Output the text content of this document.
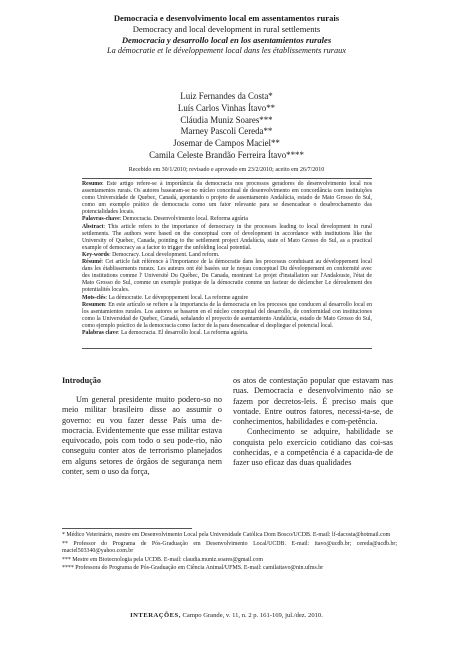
Democracia e desenvolvimento local em assentamentos rurais
Democracy and local development in rural settlements
Democracia y desarrollo local en los asentamientos rurales
La démocratie et le développement local dans les établissements ruraux
Luiz Fernandes da Costa*
Luís Carlos Vinhas Ítavo**
Cláudia Muniz Soares***
Marney Pascoli Cereda**
Josemar de Campos Maciel**
Camila Celeste Brandão Ferreira Ítavo****
Recebido em 30/1/2010; revisado e aprovado em 23/2/2010; aceito em 26/7/2010

Resumo: Este artigo refere-se à importância da democracia nos processos geradores do desenvolvimento local nos assentamentos rurais. Os autores basearam-se no núcleo conceitual de desenvolvimento em concordância com instituições como Universidade de Quebec, Canadá, apontando o projeto de assentamento Andalúcia, estado de Mato Grosso do Sul, como um exemplo prático de democracia como um fator relevante para se desencadear o desabrochamento das potencialidades locais.

Palavras-chave: Democracia. Desenvolvimento local. Reforma agrária

Abstract: This article refers to the importance of democracy in the processes leading to local development in rural settlements. The authors were based on the conceptual core of development in accordance with institutions like the University of Quebec, Canada, pointing to the settlement project Andalúcia, state of Mato Grosso do Sul, as a practical example of democracy as a factor to trigger the unfolding local potential.

Key-words: Democracy. Local development. Land reform.

Résumé: Cet article fait référence à l'importance de la démocratie dans les processus conduisant au développement local dans les établissements ruraux. Les auteurs ont été basées sur le noyau conceptuel Du développement en conformité avec des institutions comme l' Université Du Québec, Du Canada, montrant Le projet d'installation sur l'Andalousie, l'état de Mato Grosso do Sul, comme un exemple pratique de la démocratie comme un facteur de déclencher Le déroulement des potentialités locales.

Mots-clés: La démocratie. Le dévepoppement local. La reforme agraire

Resumen: En este artículo se refiere a la importancia de la democracia en los procesos que conducen al desarrollo local en los asentamientos rurales. Los autores se basaron en el núcleo conceptual del desarrollo, de conformidad con instituciones como la Universidad de Quebec, Canadá, señalando el proyecto de asentamiento Andalúcia, estado de Mato Grosso do Sul, como ejemplo práctico de la democracia como factor de la para desencadear el despliegue el potencial local.

Palabras clave: La democracia. El desarrollo local. La reforma agrária.

Introdução

Um general presidente muito podero-so no meio militar brasileiro disse ao assumir o governo: eu vou fazer desse País uma de-mocracia. Evidentemente que esse militar estava equivocado, pois com todo o seu pode-rio, não conseguiu conter atos de terrorismo planejados em alguns setores de órgãos de segurança nem conter, sem o uso da força,

os atos de contestação popular que estavam nas ruas. Democracia e desenvolvimento não se fazem por decretos-leis. É preciso mais que vontade. Entre outros fatores, necessi-ta-se, de conhecimentos, habilidades e com-petência.

Conhecimento se adquire, habilidade se conquista pelo exercício cotidiano das coi-sas conhecidas, e a competência é a capacida-de de fazer uso eficaz das duas qualidades

* Médico Veterinário, mestre em Desenvolvimento Local pela Universidade Católica Dom Bosco/UCDB. E-mail: lf-dacosta@hotmail.com

** Professor do Programa de Pós-Graduação em Desenvolvimento Local/UCDB. E-mail: itavo@ucdb.br; cereda@ucdb.br; maciel503340@yahoo.com.br

*** Mestre em Biotecnologia pela UCDB. E-mail: claudia.muniz.soares@gmail.com

**** Professora do Programa de Pós-Graduação em Ciência Animal/UFMS. E-mail: camilaitavo@nin.ufms.br

INTERAÇÕES, Campo Grande, v. 11, n. 2 p. 161-169, jul./dez. 2010.
